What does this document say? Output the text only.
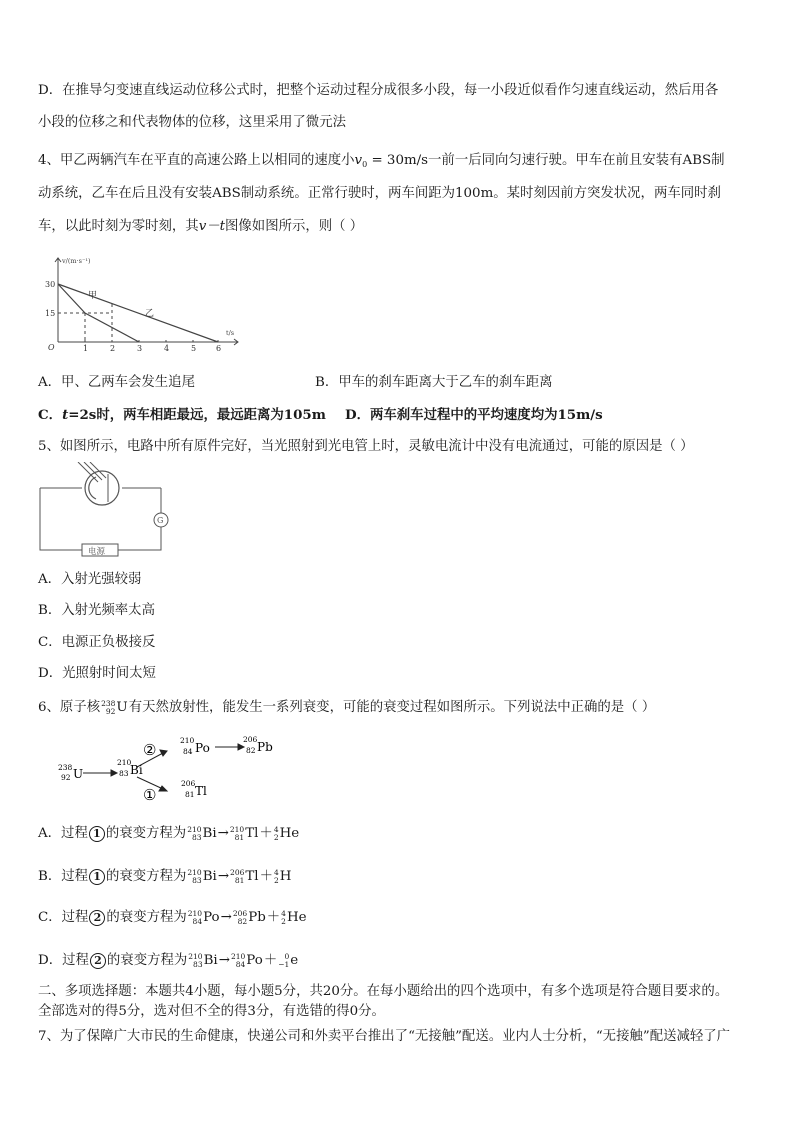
D．在推导匀变速直线运动位移公式时，把整个运动过程分成很多小段，每一小段近似看作匀速直线运动，然后用各
小段的位移之和代表物体的位移，这里采用了微元法
4、甲乙两辆汽车在平直的高速公路上以相同的速度小$v_0 = 30m/s$一前一后同向匀速行驶。甲车在前且安装有ABS制
动系统，乙车在后且没有安装ABS制动系统。正常行驶时，两车间距为100m。某时刻因前方突发状况，两车同时刹
车，以此时刻为零时刻，其v－t图像如图所示，则（ ）
v/(m·s⁻¹)
t/s
30
15
O	1	2	3	4	5 6
甲
乙
A．甲、乙两车会发生追尾	B．甲车的刹车距离大于乙车的刹车距离
C．t=2s时，两车相距最远，最远距离为105m D．两车刹车过程中的平均速度均为15m/s
5、如图所示，电路中所有原件完好，当光照射到光电管上时，灵敏电流计中没有电流通过，可能的原因是（ ）
电源
G
A．入射光强较弱
B．入射光频率太高
C．电源正负极接反
D．光照射时间太短
6、原子核 238
92 U 有天然放射性，能发生一系列衰变，可能的衰变过程如图所示。下列说法中正确的是（ ）
238
92 U
210
83 Bi
210
84 Po
206
82 Pb
206
81 Tl
②
①
A．过程 1 的衰变方程为 210
83 Bi → 210
81 Tl ＋ 4
2 He
B．过程 1 的衰变方程为 210
83 Bi → 206
81 Tl ＋ 4
2 H
C．过程 2 的衰变方程为 210
84 Po → 206
82 Pb ＋ 4
2 He
D．过程 2 的衰变方程为 210
83 Bi → 210
84 Po ＋ 0
−1 e
二、多项选择题：本题共4小题，每小题5分，共20分。在每小题给出的四个选项中，有多个选项是符合题目要求的。
全部选对的得5分，选对但不全的得3分，有选错的得0分。
7、为了保障广大市民的生命健康，快递公司和外卖平台推出了“无接触”配送。业内人士分析，“无接触”配送减轻了广
